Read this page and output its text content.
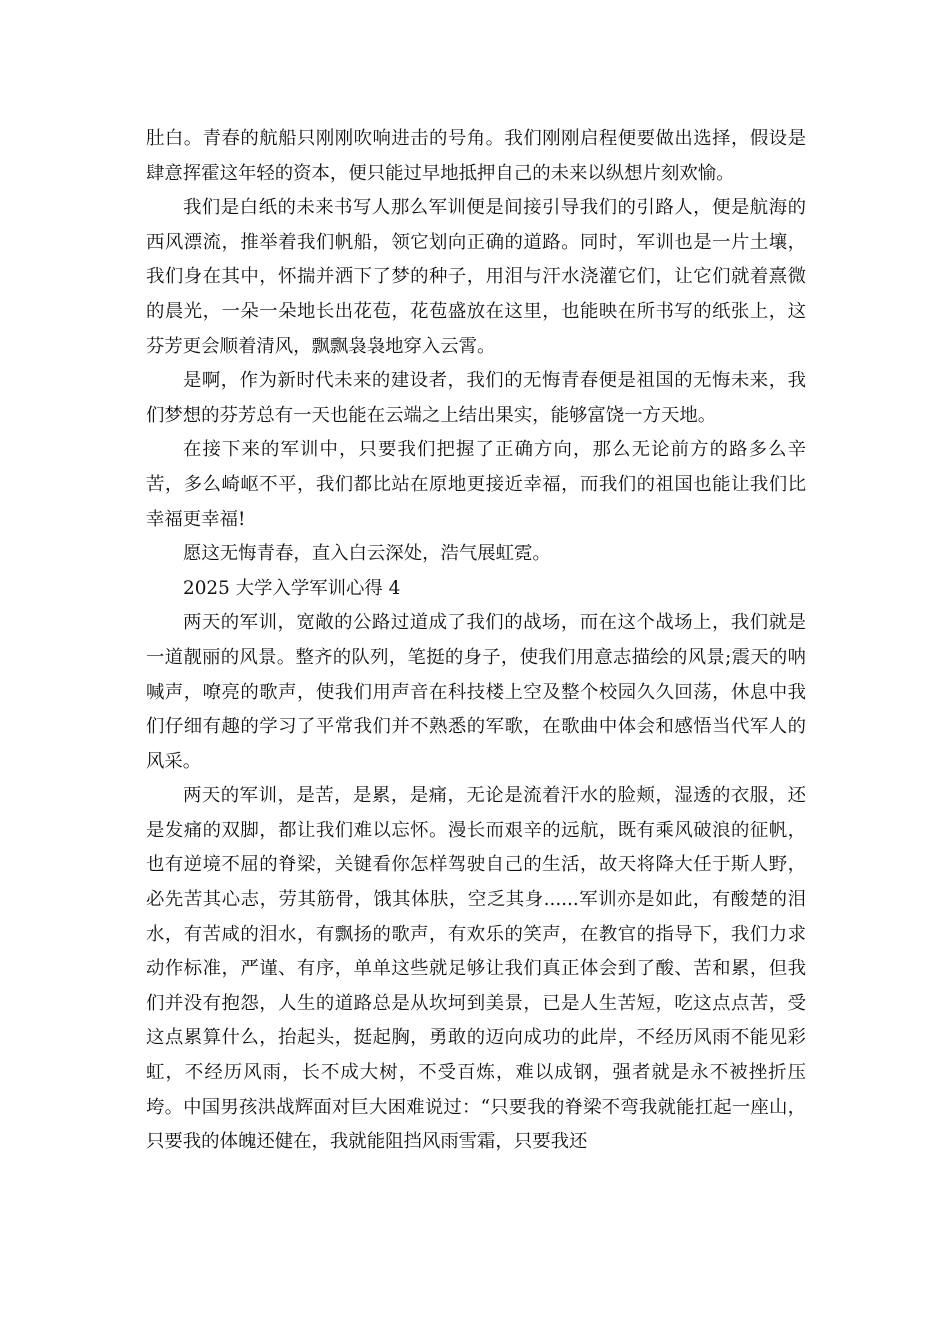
肚白。青春的航船只刚刚吹响进击的号角。我们刚刚启程便要做出选择，假设是肆意挥霍这年轻的资本，便只能过早地抵押自己的未来以纵想片刻欢愉。

我们是白纸的未来书写人那么军训便是间接引导我们的引路人，便是航海的西风漂流，推举着我们帆船，领它划向正确的道路。同时，军训也是一片土壤，我们身在其中，怀揣并洒下了梦的种子，用泪与汗水浇灌它们，让它们就着熹微的晨光，一朵一朵地长出花苞，花苞盛放在这里，也能映在所书写的纸张上，这芬芳更会顺着清风，飘飘袅袅地穿入云霄。

是啊，作为新时代未来的建设者，我们的无悔青春便是祖国的无悔未来，我们梦想的芬芳总有一天也能在云端之上结出果实，能够富饶一方天地。

在接下来的军训中，只要我们把握了正确方向，那么无论前方的路多么辛苦，多么崎岖不平，我们都比站在原地更接近幸福，而我们的祖国也能让我们比幸福更幸福!

愿这无悔青春，直入白云深处，浩气展虹霓。

2025 大学入学军训心得 4

两天的军训，宽敞的公路过道成了我们的战场，而在这个战场上，我们就是一道靓丽的风景。整齐的队列，笔挺的身子，使我们用意志描绘的风景;震天的呐喊声，嘹亮的歌声，使我们用声音在科技楼上空及整个校园久久回荡，休息中我们仔细有趣的学习了平常我们并不熟悉的军歌，在歌曲中体会和感悟当代军人的风采。

两天的军训，是苦，是累，是痛，无论是流着汗水的脸颊，湿透的衣服，还是发痛的双脚，都让我们难以忘怀。漫长而艰辛的远航，既有乘风破浪的征帆，也有逆境不屈的脊梁，关键看你怎样驾驶自己的生活，故天将降大任于斯人野，必先苦其心志，劳其筋骨，饿其体肤，空乏其身......军训亦是如此，有酸楚的泪水，有苦咸的泪水，有飘扬的歌声，有欢乐的笑声，在教官的指导下，我们力求动作标准，严谨、有序，单单这些就足够让我们真正体会到了酸、苦和累，但我们并没有抱怨，人生的道路总是从坎坷到美景，已是人生苦短，吃这点点苦，受这点累算什么，抬起头，挺起胸，勇敢的迈向成功的此岸，不经历风雨不能见彩虹，不经历风雨，长不成大树，不受百炼，难以成钢，强者就是永不被挫折压垮。中国男孩洪战辉面对巨大困难说过：“只要我的脊梁不弯我就能扛起一座山，只要我的体魄还健在，我就能阻挡风雨雪霜，只要我还
